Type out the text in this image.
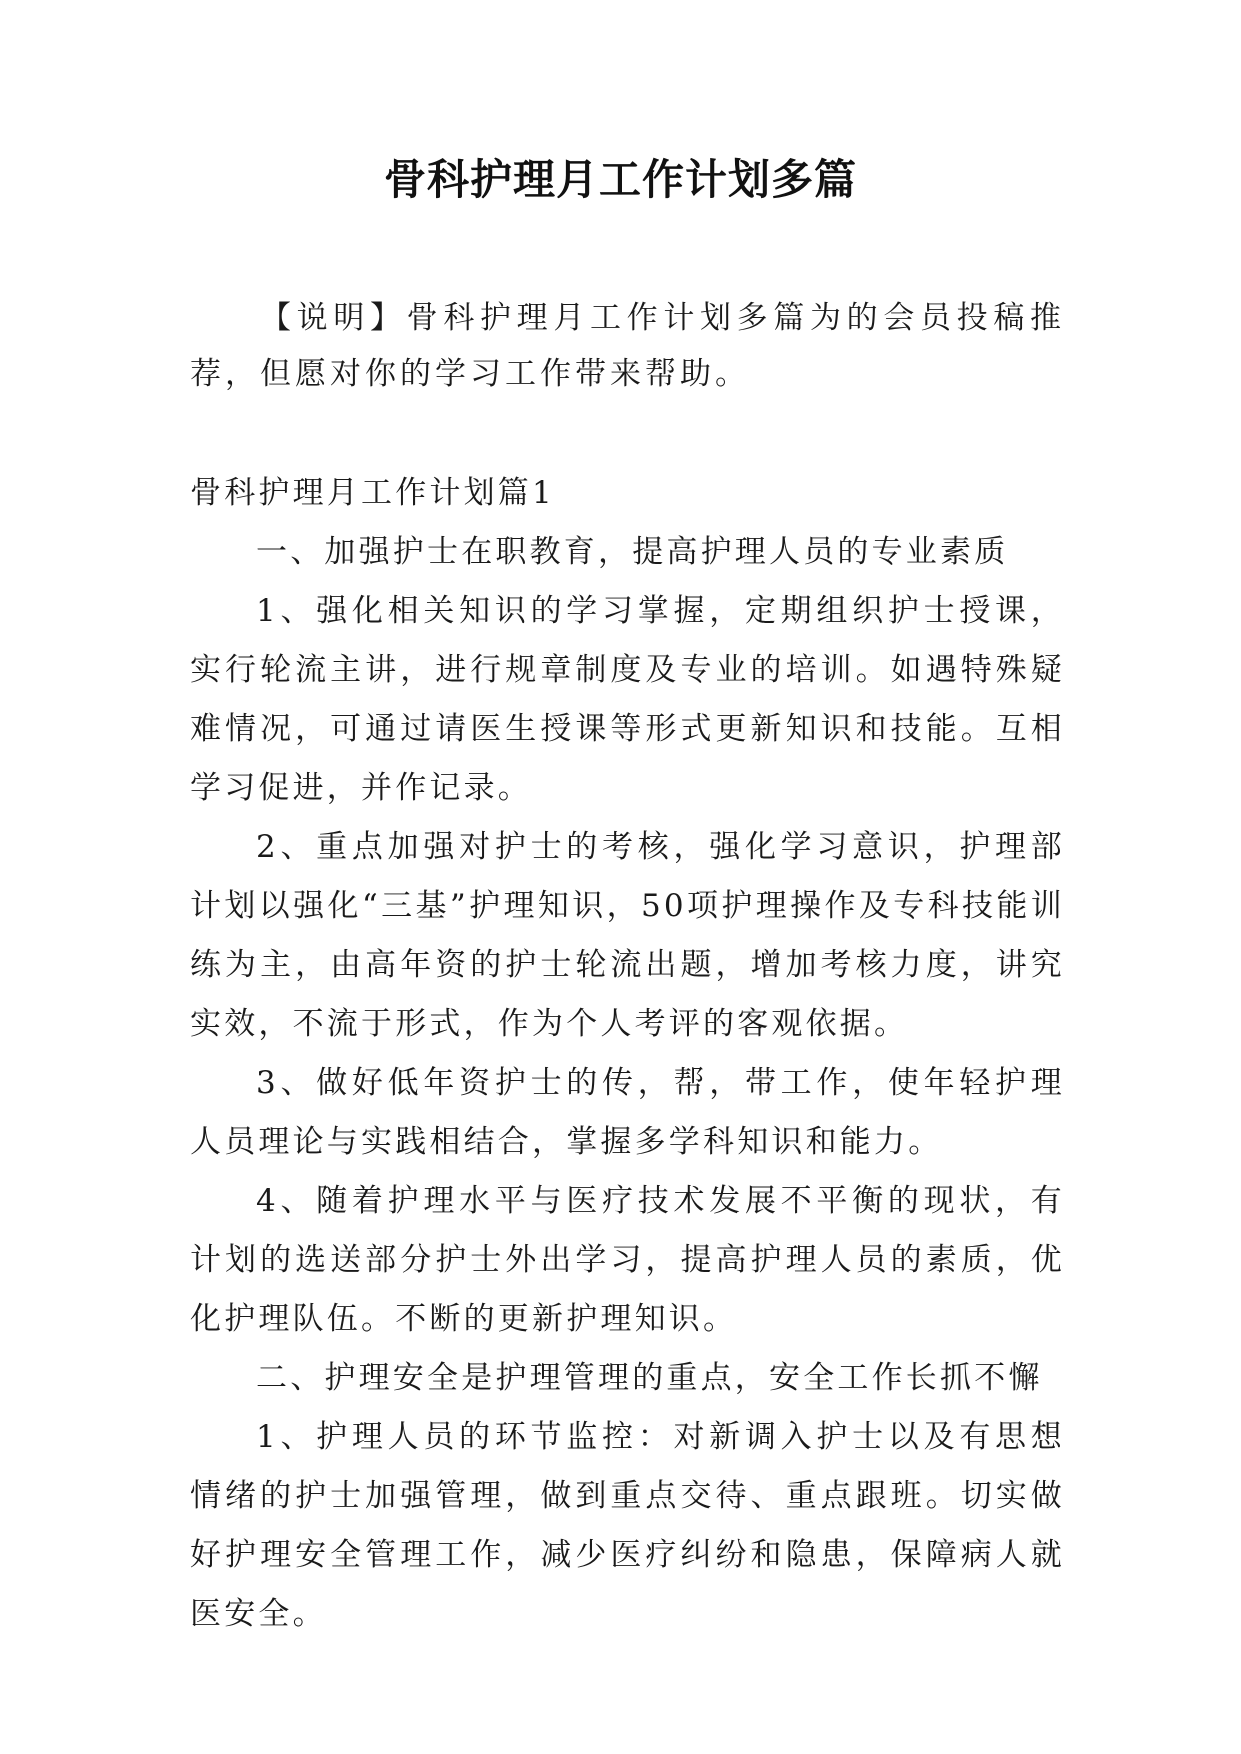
骨科护理月工作计划多篇
【说明】骨科护理月工作计划多篇为的会员投稿推荐，但愿对你的学习工作带来帮助。

骨科护理月工作计划篇1

一、加强护士在职教育，提高护理人员的专业素质

1、强化相关知识的学习掌握，定期组织护士授课，实行轮流主讲，进行规章制度及专业的培训。如遇特殊疑难情况，可通过请医生授课等形式更新知识和技能。互相学习促进，并作记录。

2、重点加强对护士的考核，强化学习意识，护理部计划以强化“三基”护理知识，50项护理操作及专科技能训练为主，由高年资的护士轮流出题，增加考核力度，讲究实效，不流于形式，作为个人考评的客观依据。

3、做好低年资护士的传，帮，带工作，使年轻护理人员理论与实践相结合，掌握多学科知识和能力。

4、随着护理水平与医疗技术发展不平衡的现状，有计划的选送部分护士外出学习，提高护理人员的素质，优化护理队伍。不断的更新护理知识。

二、护理安全是护理管理的重点，安全工作长抓不懈

1、护理人员的环节监控：对新调入护士以及有思想情绪的护士加强管理，做到重点交待、重点跟班。切实做好护理安全管理工作，减少医疗纠纷和隐患，保障病人就医安全。
